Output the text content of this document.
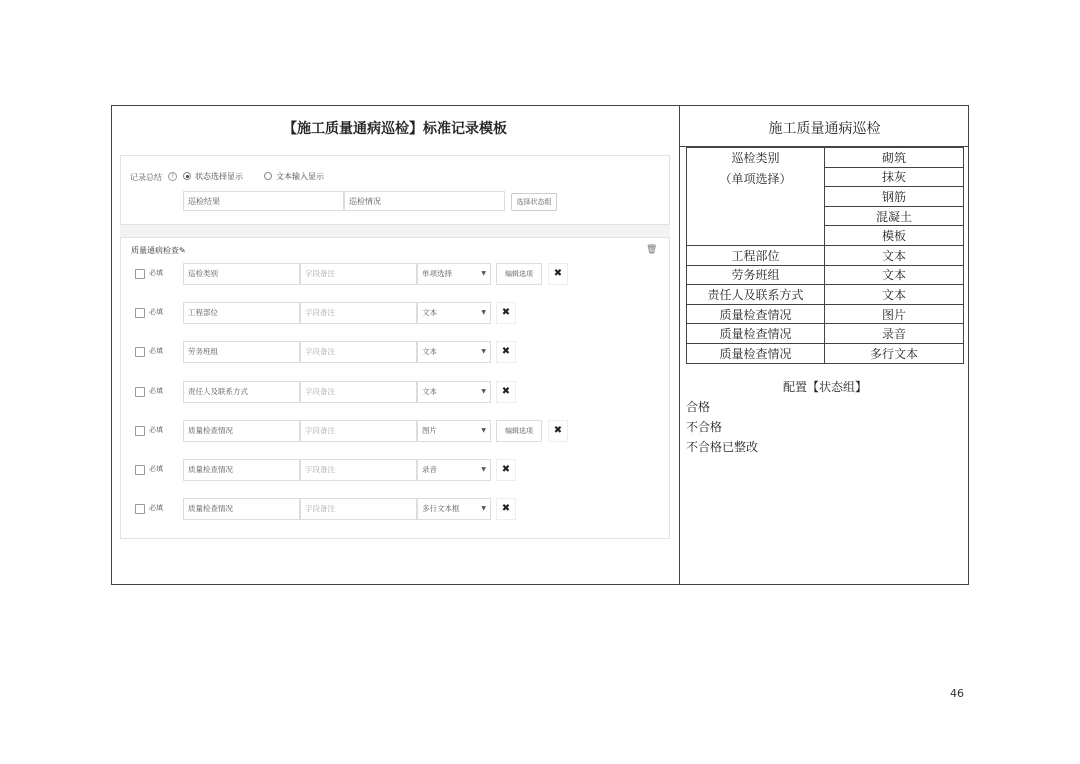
【施工质量通病巡检】标准记录模板	施工质量通病巡检
记录总结	?	状态选择显示	文本输入显示
巡检结果	巡检情况	选择状态组
质量通病检查✎	🗑
必填	巡检类别	字段备注	单项选择	▼	编辑选项	✖
必填	工程部位	字段备注	文本	▼	✖
必填	劳务班组	字段备注	文本	▼	✖
必填	责任人及联系方式	字段备注	文本	▼	✖
必填	质量检查情况	字段备注	图片	▼	编辑选项	✖
必填	质量检查情况	字段备注	录音	▼	✖
必填	质量检查情况	字段备注	多行文本框	▼	✖
巡检类别
（单项选择）	砌筑
	抹灰
	钢筋
	混凝土
	模板
工程部位	文本
劳务班组	文本
责任人及联系方式	文本
质量检查情况	图片
质量检查情况	录音
质量检查情况	多行文本
配置【状态组】
合格
不合格
不合格已整改
46
